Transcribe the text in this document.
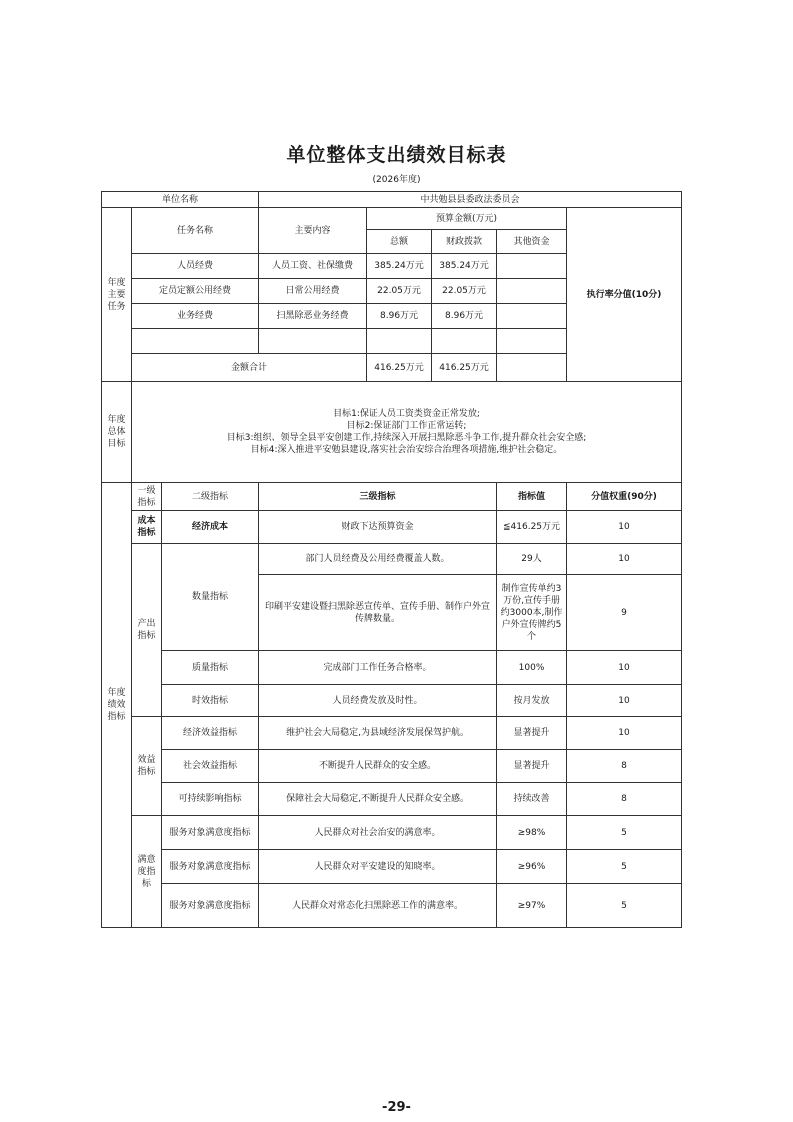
单位整体支出绩效目标表
(2026年度)
单位名称			中共勉县县委政法委员会				
年度主要任务	任务名称		主要内容	预算金额(万元)			执行率分值(10分)
				总额	财政拨款	其他资金	
	人员经费		人员工资、社保缴费	385.24万元	385.24万元		
	定员定额公用经费		日常公用经费	22.05万元	22.05万元		
	业务经费		扫黑除恶业务经费	8.96万元	8.96万元		

	金额合计			416.25万元	416.25万元		
年度总体目标	目标1:保证人员工资类资金正常发放;
目标2:保证部门工作正常运转;
目标3:组织、领导全县平安创建工作,持续深入开展扫黑除恶斗争工作,提升群众社会安全感;
目标4:深入推进平安勉县建设,落实社会治安综合治理各项措施,维护社会稳定。						

年度绩效指标	一级指标	二级指标	三级指标			指标值	分值权重(90分)
	成本指标	经济成本	财政下达预算资金			≦416.25万元	10
	产出指标	数量指标	部门人员经费及公用经费覆盖人数。			29人	10
			印刷平安建设暨扫黑除恶宣传单、宣传手册、制作户外宣传牌数量。			制作宣传单约3万份,宣传手册约3000本,制作户外宣传牌约5个	9
		质量指标	完成部门工作任务合格率。			100%	10
		时效指标	人员经费发放及时性。			按月发放	10
	效益指标	经济效益指标	维护社会大局稳定,为县域经济发展保驾护航。			显著提升	10
		社会效益指标	不断提升人民群众的安全感。			显著提升	8
		可持续影响指标	保障社会大局稳定,不断提升人民群众安全感。			持续改善	8
	满意度指标	服务对象满意度指标	人民群众对社会治安的满意率。			≥98%	5
		服务对象满意度指标	人民群众对平安建设的知晓率。			≥96%	5
		服务对象满意度指标	人民群众对常态化扫黑除恶工作的满意率。			≥97%	5
-29-
